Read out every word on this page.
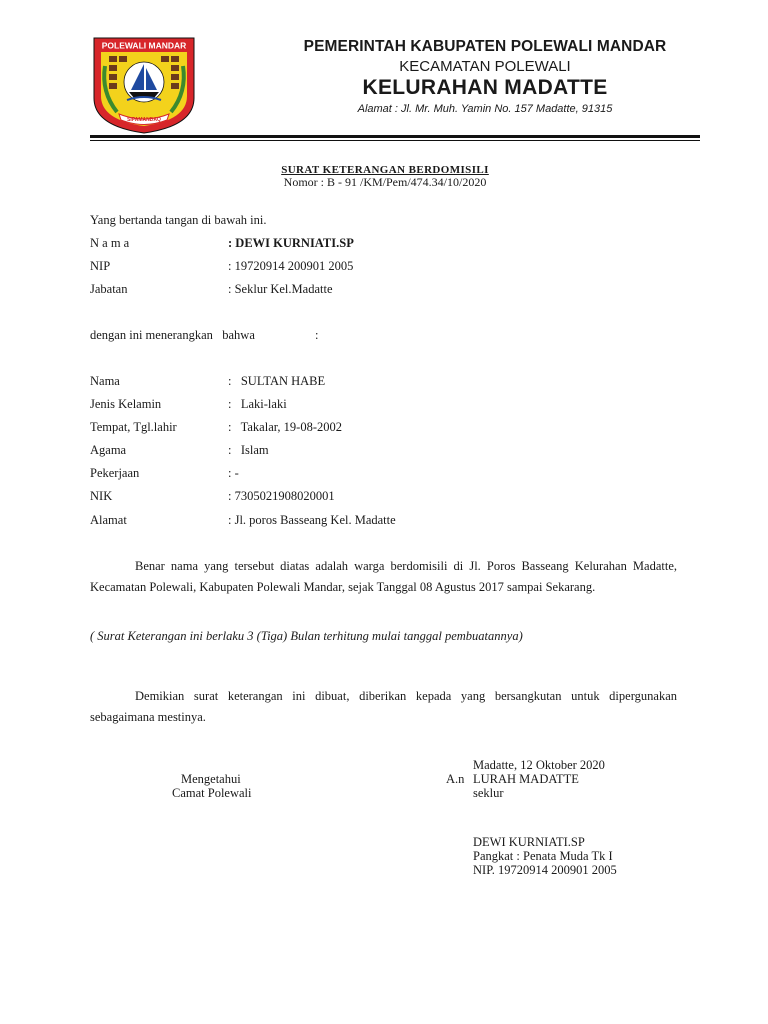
POLEWALI MANDAR
SIPAMANDAQ
PEMERINTAH KABUPATEN POLEWALI MANDAR
KECAMATAN POLEWALI
KELURAHAN MADATTE
Alamat : Jl. Mr. Muh. Yamin No. 157 Madatte, 91315
SURAT KETERANGAN BERDOMISILI
Nomor : B - 91 /KM/Pem/474.34/10/2020
Yang bertanda tangan di bawah ini.
N a m a	: DEWI KURNIATI.SP
NIP	: 19720914 200901 2005
Jabatan	: Seklur Kel.Madatte
dengan ini menerangkan   bahwa	:
Nama	:   SULTAN HABE
Jenis Kelamin	:   Laki-laki
Tempat, Tgl.lahir	:   Takalar, 19-08-2002
Agama	:   Islam
Pekerjaan	: -
NIK	: 7305021908020001
Alamat	: Jl. poros Basseang Kel. Madatte
Benar nama yang tersebut diatas adalah warga berdomisili di Jl. Poros Basseang Kelurahan Madatte, Kecamatan Polewali, Kabupaten Polewali Mandar, sejak Tanggal 08 Agustus 2017 sampai Sekarang.
( Surat Keterangan ini berlaku 3 (Tiga) Bulan terhitung mulai tanggal pembuatannya)
Demikian surat keterangan ini dibuat, diberikan kepada yang bersangkutan untuk dipergunakan sebagaimana mestinya.
Madatte, 12 Oktober 2020
A.n LURAH MADATTE
seklur
Mengetahui
Camat Polewali
DEWI KURNIATI.SP
Pangkat : Penata Muda Tk I
NIP. 19720914 200901 2005
